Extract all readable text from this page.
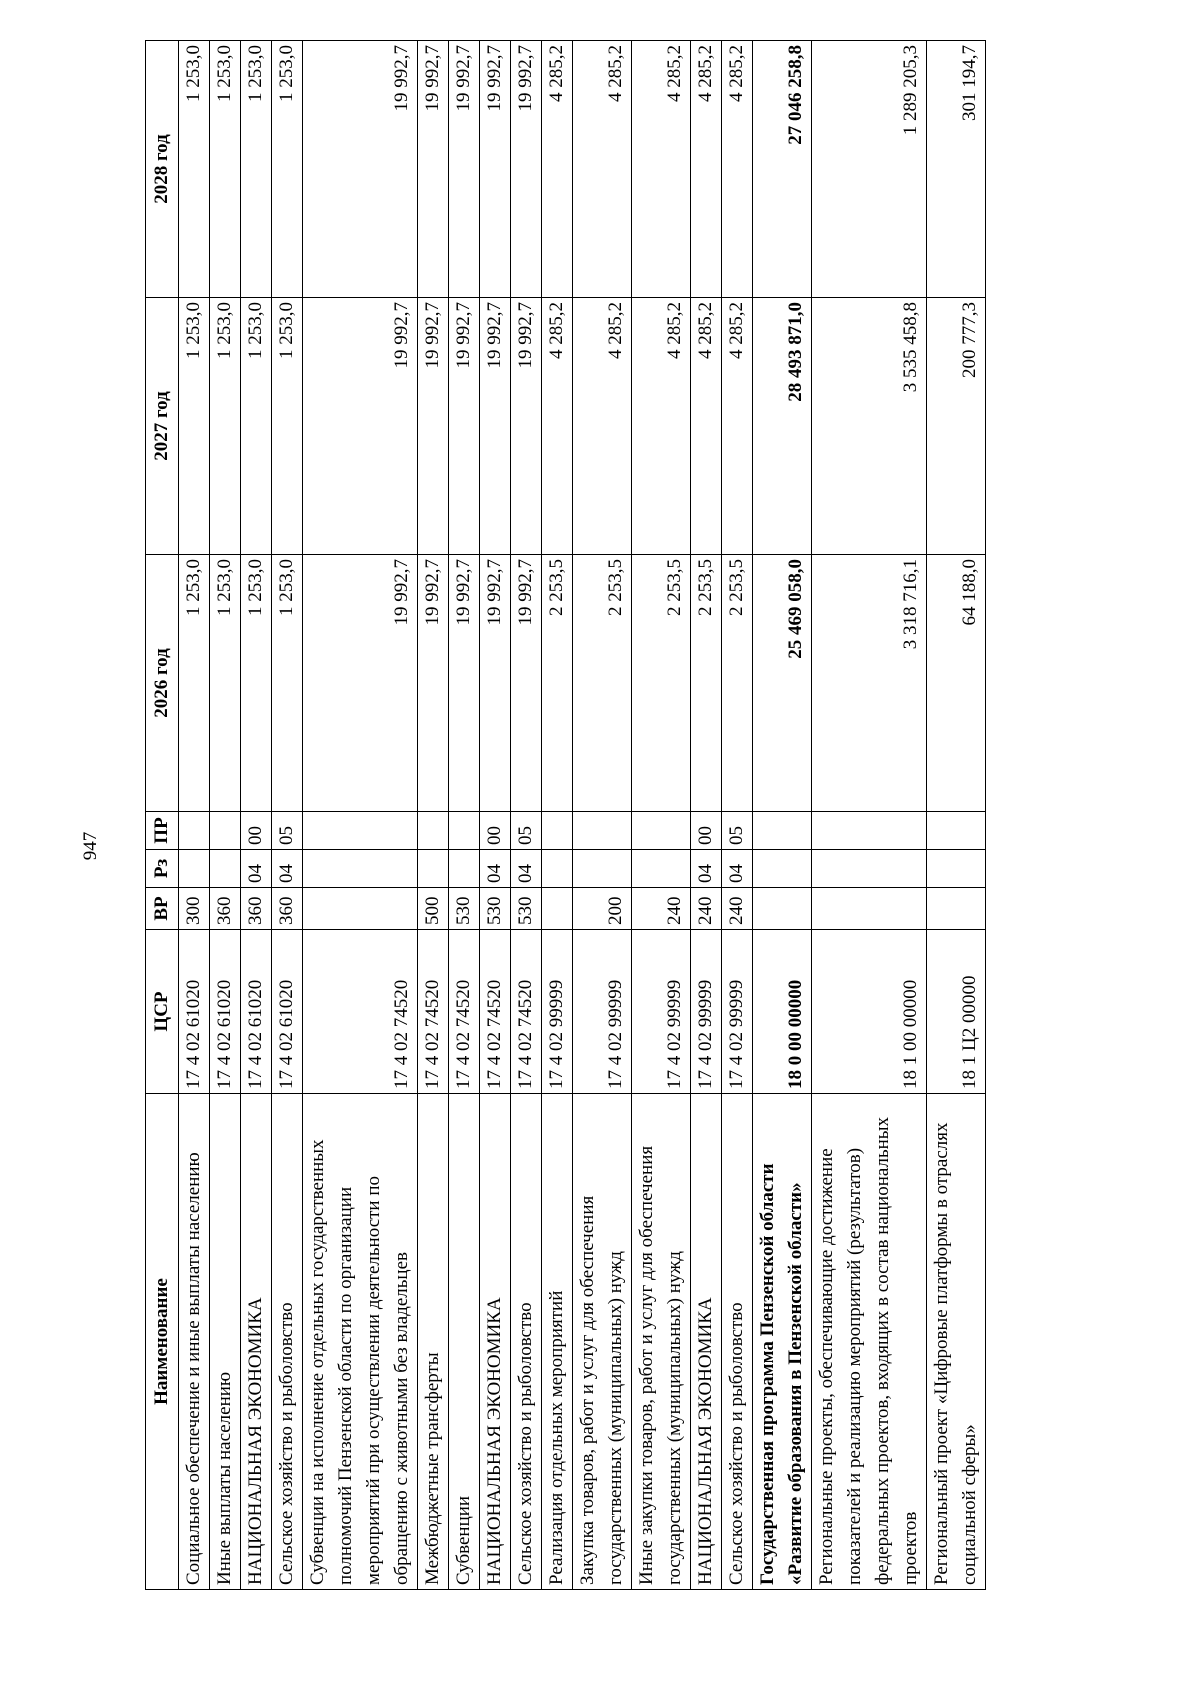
947
Наименование	ЦСР	ВР	Рз	ПР	2026 год	2027 год	2028 год
Социальное обеспечение и иные выплаты населению	17 4 02 61020	300			1 253,0	1 253,0	1 253,0
Иные выплаты населению	17 4 02 61020	360			1 253,0	1 253,0	1 253,0
НАЦИОНАЛЬНАЯ ЭКОНОМИКА	17 4 02 61020	360	04	00	1 253,0	1 253,0	1 253,0
Сельское хозяйство и рыболовство	17 4 02 61020	360	04	05	1 253,0	1 253,0	1 253,0
Субвенции на исполнение отдельных государственных полномочий Пензенской области по организации мероприятий при осуществлении деятельности по обращению с животными без владельцев	17 4 02 74520				19 992,7	19 992,7	19 992,7
Межбюджетные трансферты	17 4 02 74520	500			19 992,7	19 992,7	19 992,7
Субвенции	17 4 02 74520	530			19 992,7	19 992,7	19 992,7
НАЦИОНАЛЬНАЯ ЭКОНОМИКА	17 4 02 74520	530	04	00	19 992,7	19 992,7	19 992,7
Сельское хозяйство и рыболовство	17 4 02 74520	530	04	05	19 992,7	19 992,7	19 992,7
Реализация отдельных мероприятий	17 4 02 99999				2 253,5	4 285,2	4 285,2
Закупка товаров, работ и услуг для обеспечения государственных (муниципальных) нужд	17 4 02 99999	200			2 253,5	4 285,2	4 285,2
Иные закупки товаров, работ и услуг для обеспечения государственных (муниципальных) нужд	17 4 02 99999	240			2 253,5	4 285,2	4 285,2
НАЦИОНАЛЬНАЯ ЭКОНОМИКА	17 4 02 99999	240	04	00	2 253,5	4 285,2	4 285,2
Сельское хозяйство и рыболовство	17 4 02 99999	240	04	05	2 253,5	4 285,2	4 285,2
Государственная программа Пензенской области «Развитие образования в Пензенской области»	18 0 00 00000				25 469 058,0	28 493 871,0	27 046 258,8
Региональные проекты, обеспечивающие достижение показателей и реализацию мероприятий (результатов) федеральных проектов, входящих в состав национальных проектов	18 1 00 00000				3 318 716,1	3 535 458,8	1 289 205,3
Региональный проект «Цифровые платформы в отраслях социальной сферы»	18 1 Ц2 00000				64 188,0	200 777,3	301 194,7
